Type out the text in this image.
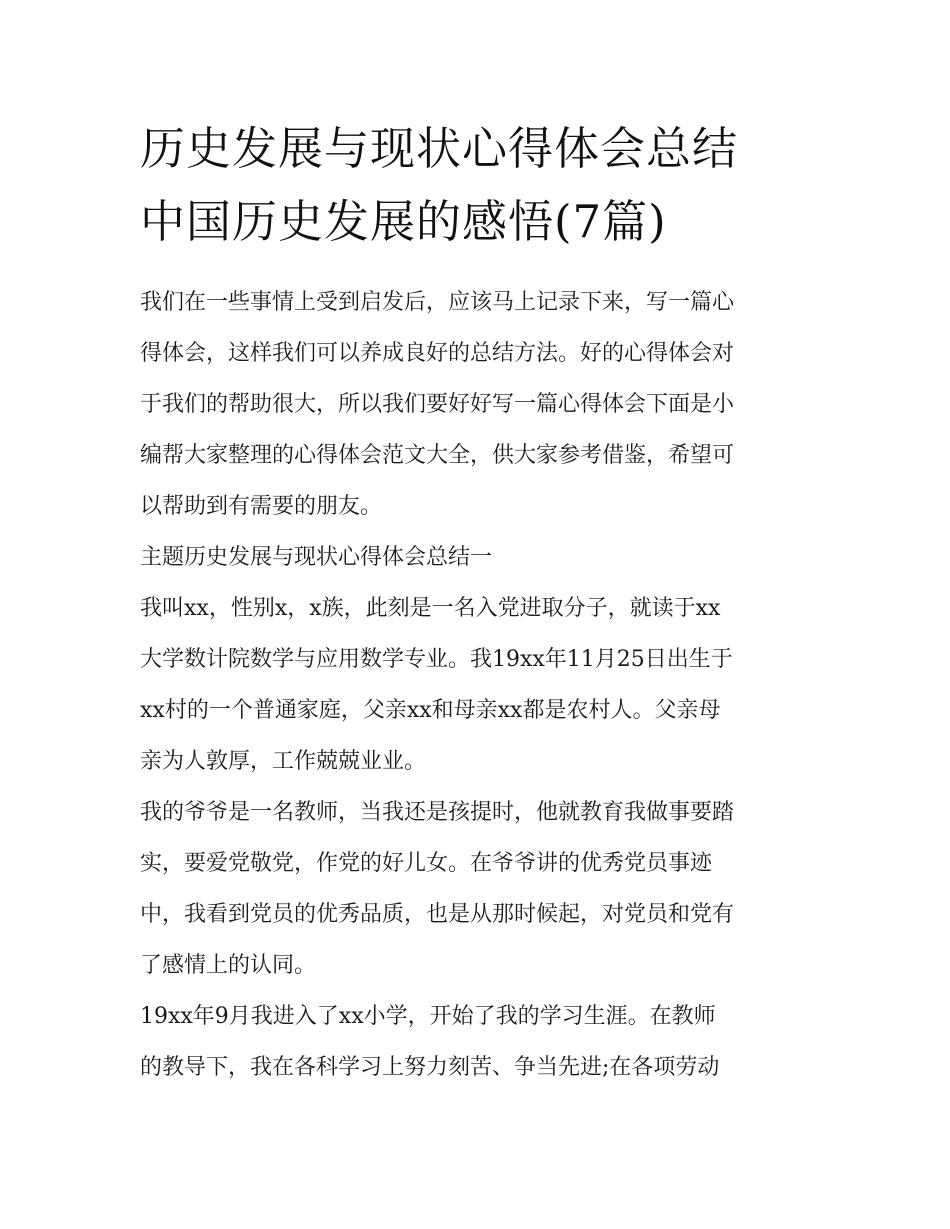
历史发展与现状心得体会总结
中国历史发展的感悟(7篇)
我们在一些事情上受到启发后，应该马上记录下来，写一篇心
得体会，这样我们可以养成良好的总结方法。好的心得体会对
于我们的帮助很大，所以我们要好好写一篇心得体会下面是小
编帮大家整理的心得体会范文大全，供大家参考借鉴，希望可
以帮助到有需要的朋友。
主题历史发展与现状心得体会总结一
我叫xx，性别x，x族，此刻是一名入党进取分子，就读于xx
大学数计院数学与应用数学专业。我19xx年11月25日出生于
xx村的一个普通家庭，父亲xx和母亲xx都是农村人。父亲母
亲为人敦厚，工作兢兢业业。
我的爷爷是一名教师，当我还是孩提时，他就教育我做事要踏
实，要爱党敬党，作党的好儿女。在爷爷讲的优秀党员事迹
中，我看到党员的优秀品质，也是从那时候起，对党员和党有
了感情上的认同。
19xx年9月我进入了xx小学，开始了我的学习生涯。在教师
的教导下，我在各科学习上努力刻苦、争当先进;在各项劳动
